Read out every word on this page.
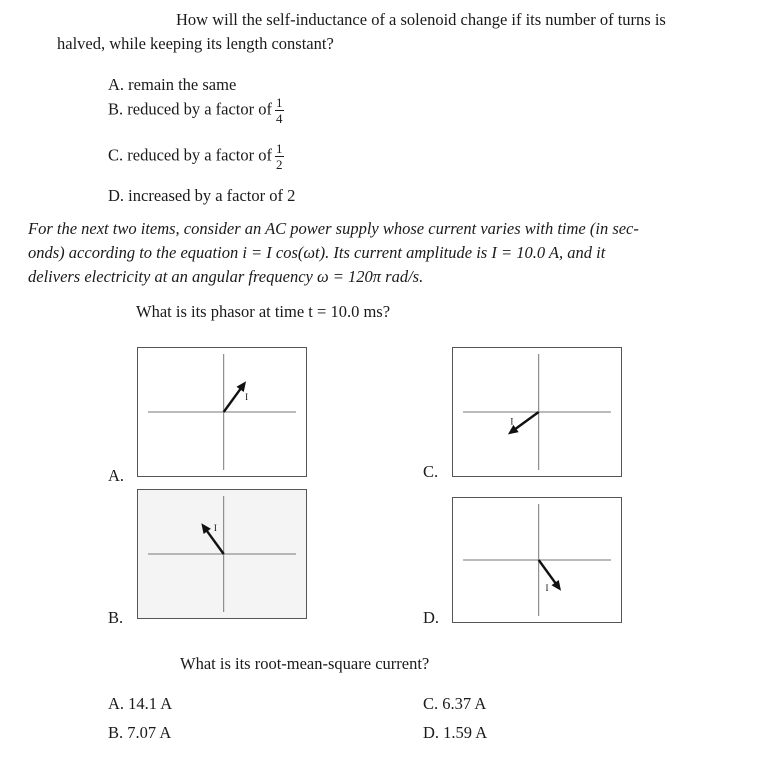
How will the self-inductance of a solenoid change if its number of turns is
halved, while keeping its length constant?
A. remain the same
B. reduced by a factor of $\frac{1}{4}$
C. reduced by a factor of $\frac{1}{2}$
D. increased by a factor of 2
For the next two items, consider an AC power supply whose current varies with time (in sec-
onds) according to the equation i = I cos(ωt). Its current amplitude is I = 10.0 A, and it
delivers electricity at an angular frequency ω = 120π rad/s.
What is its phasor at time t = 10.0 ms?
I
I
I
I
A.	C.
B.	D.
What is its root-mean-square current?
A. 14.1 A
B. 7.07 A
C. 6.37 A
D. 1.59 A
